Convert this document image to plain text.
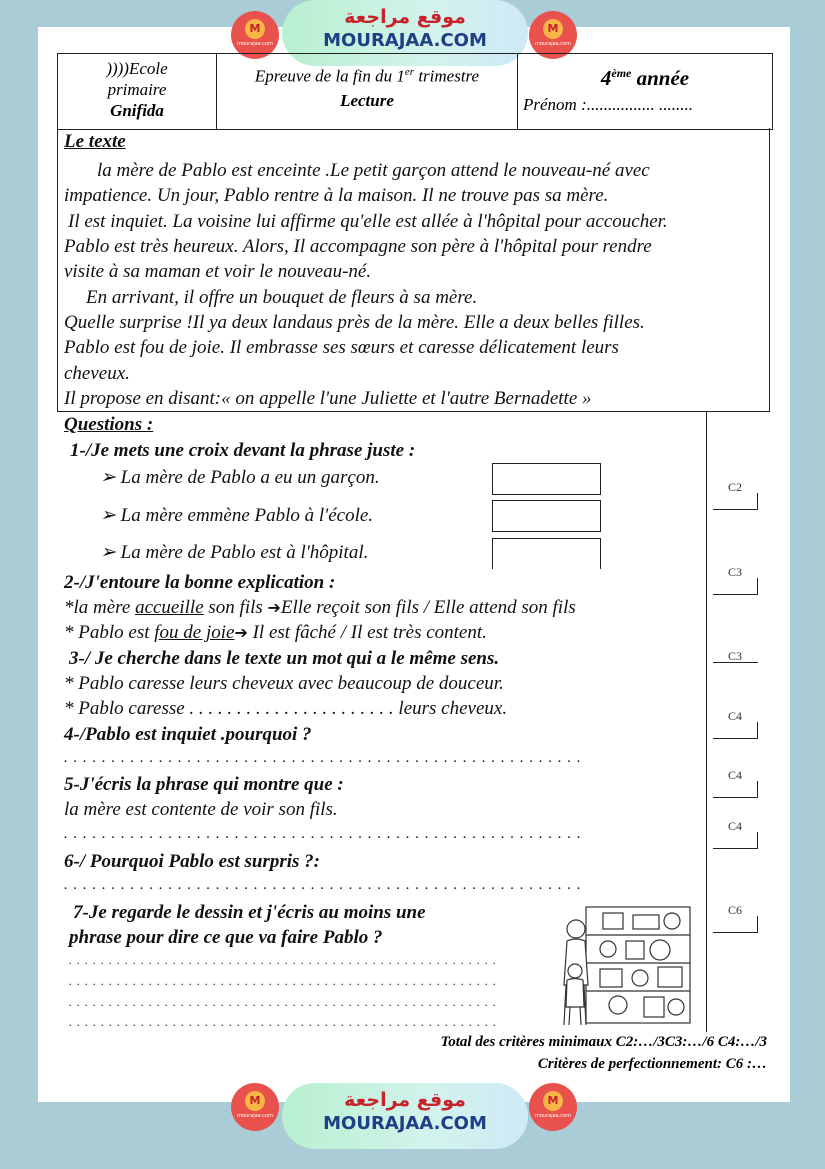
M
mourajaa.com
موقع مراجعة
MOURAJAA.COM
M
mourajaa.com
))))Ecole
primaire
Gnifida
Epreuve de la fin du 1er trimestre
Lecture
4ème année
Prénom :................ ........
Le texte
la mère de Pablo est enceinte .Le petit garçon attend le nouveau-né avec
impatience. Un jour, Pablo rentre à la maison. Il ne trouve pas sa mère.
Il est inquiet. La voisine lui affirme qu'elle est allée à l'hôpital pour accoucher.
Pablo est très heureux. Alors, Il accompagne son père à l'hôpital pour rendre
visite à sa maman et voir le nouveau-né.
En arrivant, il offre un bouquet de fleurs à sa mère.
Quelle surprise !Il ya deux landaus près de la mère. Elle a deux belles filles.
Pablo est fou de joie. Il embrasse ses sœurs et caresse délicatement leurs
cheveux.
Il propose en disant:« on appelle l'une Juliette et l'autre Bernadette »
Questions :
1-/Je mets une croix devant la phrase juste :
➢ La mère de Pablo a eu un garçon.
➢ La mère emmène Pablo à l'école.
➢ La mère de Pablo est à l'hôpital.
2-/J'entoure la bonne explication :
*la mère accueille son fils ➔Elle reçoit son fils / Elle attend son fils
* Pablo est fou de joie➔ Il est fâché / Il est très content.
3-/ Je cherche dans le texte un mot qui a le même sens.
* Pablo caresse leurs cheveux avec beaucoup de douceur.
* Pablo caresse . . . . . . . . . . . . . . . . . . . . . . leurs cheveux.
4-/Pablo est inquiet .pourquoi ?
. . . . . . . . . . . . . . . . . . . . . . . . . . . . . . . . . . . . . . . . . . . . . . . . . . . . . . .
5-J'écris la phrase qui montre que :
la mère est contente de voir son fils.
. . . . . . . . . . . . . . . . . . . . . . . . . . . . . . . . . . . . . . . . . . . . . . . . . . . . . . .
6-/ Pourquoi Pablo est surpris ?:
. . . . . . . . . . . . . . . . . . . . . . . . . . . . . . . . . . . . . . . . . . . . . . . . . . . . . . .
7-Je regarde le dessin et j'écris au moins une
phrase pour dire ce que va faire Pablo ?
. . . . . . . . . . . . . . . . . . . . . . . . . . . . . . . . . . . . . . . . . . . . . . . . . . . . . .
. . . . . . . . . . . . . . . . . . . . . . . . . . . . . . . . . . . . . . . . . . . . . . . . . . . . . .
. . . . . . . . . . . . . . . . . . . . . . . . . . . . . . . . . . . . . . . . . . . . . . . . . . . . . .
. . . . . . . . . . . . . . . . . . . . . . . . . . . . . . . . . . . . . . . . . . . . . . . . . . . . . .
C2
C3
C3
C4
C4
C4
C6
Total des critères minimaux C2:…/3C3:…/6 C4:…/3
Critères de perfectionnement: C6 :…
M
mourajaa.com
موقع مراجعة
MOURAJAA.COM
M
mourajaa.com
